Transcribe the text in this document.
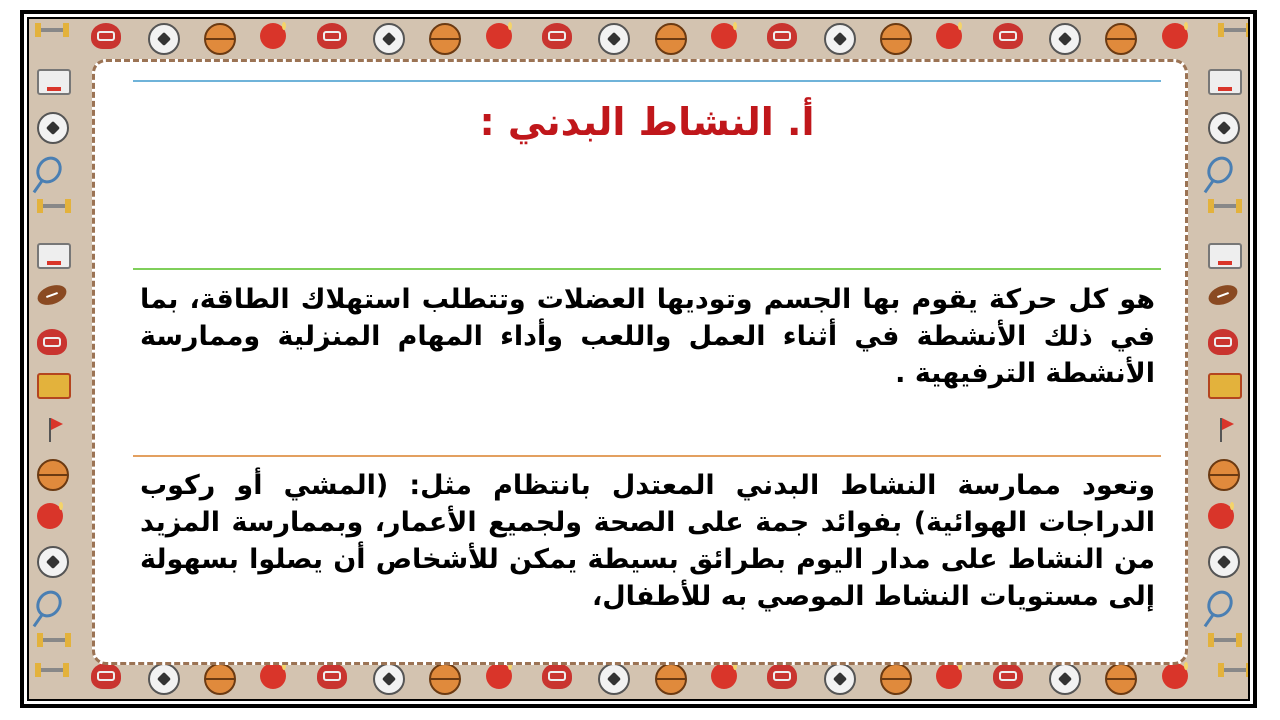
أ. النشاط البدني :
هو كل حركة يقوم بها الجسم وتوديها العضلات وتتطلب استهلاك الطاقة، بما في ذلك الأنشطة في أثناء العمل واللعب وأداء المهام المنزلية وممارسة الأنشطة الترفيهية .
وتعود ممارسة النشاط البدني المعتدل بانتظام مثل: (المشي أو ركوب الدراجات الهوائية) بفوائد جمة على الصحة ولجميع الأعمار، وبممارسة المزيد من النشاط على مدار اليوم بطرائق بسيطة يمكن للأشخاص أن يصلوا بسهولة إلى مستويات النشاط الموصي به للأطفال،
